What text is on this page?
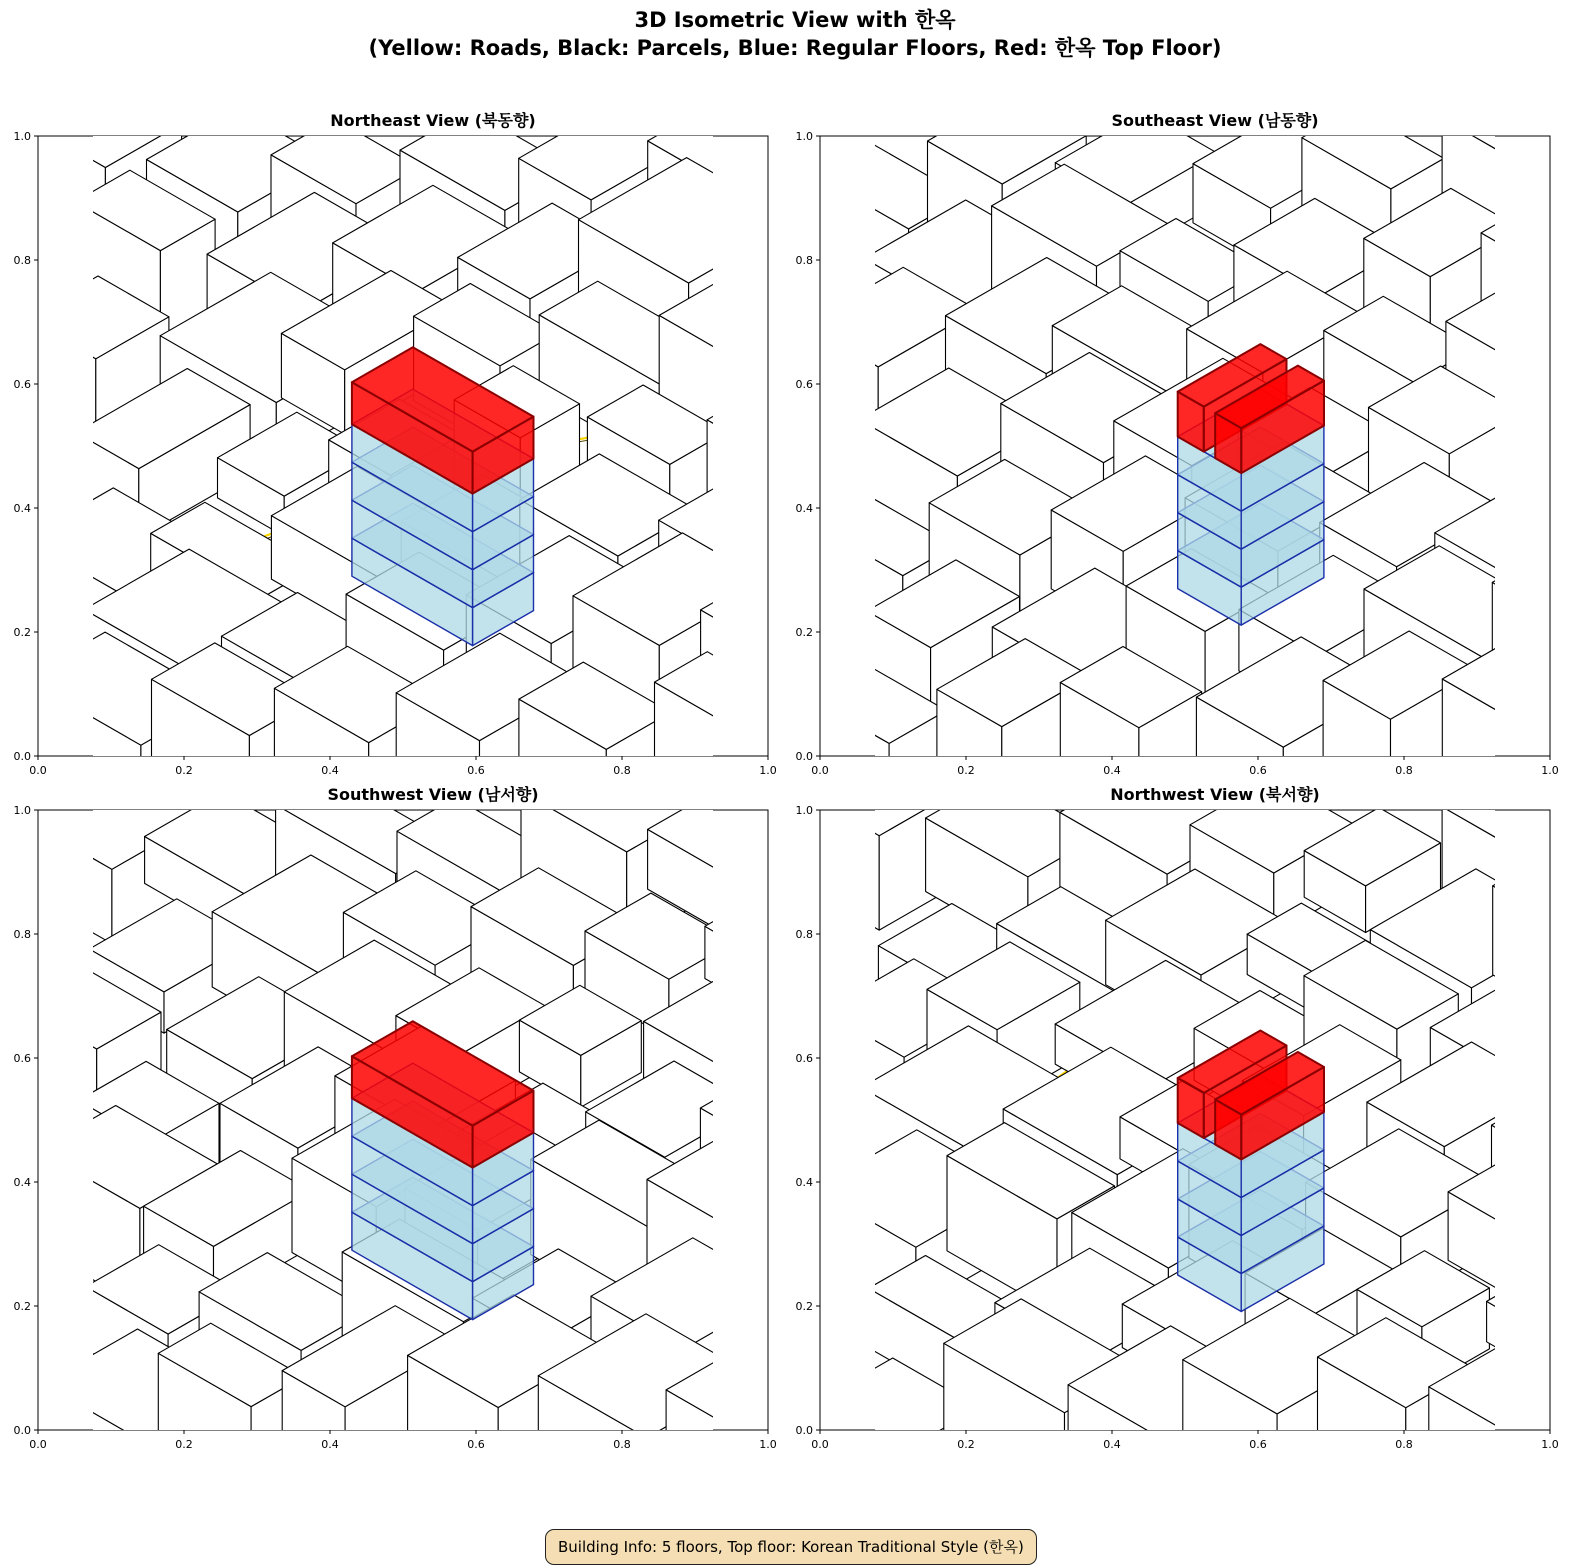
3D Isometric View with 한옥
(Yellow: Roads, Black: Parcels, Blue: Regular Floors, Red: 한옥 Top Floor)
Northeast View (북동향)
0.0	0.2	0.4	0.6	0.8	1.0
0.0
0.2
0.4
0.6
0.8
1.0
Southeast View (남동향)
0.0	0.2	0.4	0.6	0.8	1.0
0.0
0.2
0.4
0.6
0.8
1.0
Southwest View (남서향)
0.0	0.2	0.4	0.6	0.8	1.0
0.0
0.2
0.4
0.6
0.8
1.0
Northwest View (북서향)
0.0	0.2	0.4	0.6	0.8	1.0
0.0
0.2
0.4
0.6
0.8
1.0
Building Info: 5 floors, Top floor: Korean Traditional Style (한옥)
